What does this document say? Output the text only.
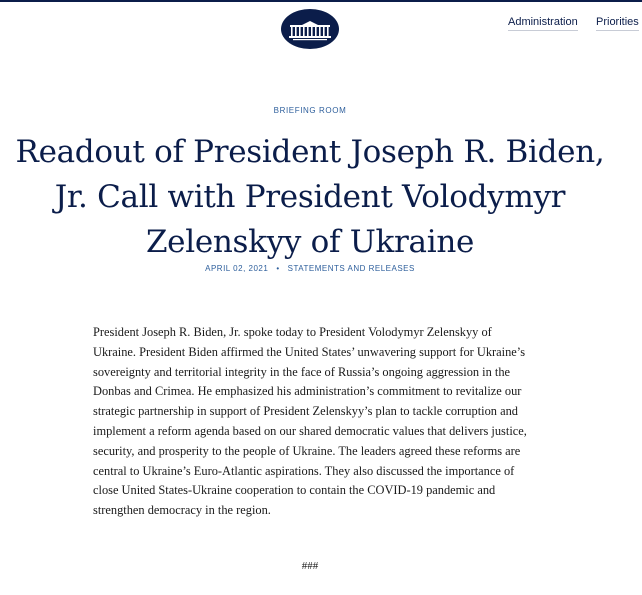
Administration Priorities
BRIEFING ROOM
Readout of President Joseph R. Biden, Jr. Call with President Volodymyr Zelenskyy of Ukraine
APRIL 02, 2021 • STATEMENTS AND RELEASES

President Joseph R. Biden, Jr. spoke today to President Volodymyr Zelenskyy of Ukraine. President Biden affirmed the United States’ unwavering support for Ukraine’s sovereignty and territorial integrity in the face of Russia’s ongoing aggression in the Donbas and Crimea. He emphasized his administration’s commitment to revitalize our strategic partnership in support of President Zelenskyy’s plan to tackle corruption and implement a reform agenda based on our shared democratic values that delivers justice, security, and prosperity to the people of Ukraine. The leaders agreed these reforms are central to Ukraine’s Euro-Atlantic aspirations. They also discussed the importance of close United States-Ukraine cooperation to contain the COVID-19 pandemic and strengthen democracy in the region.

###
